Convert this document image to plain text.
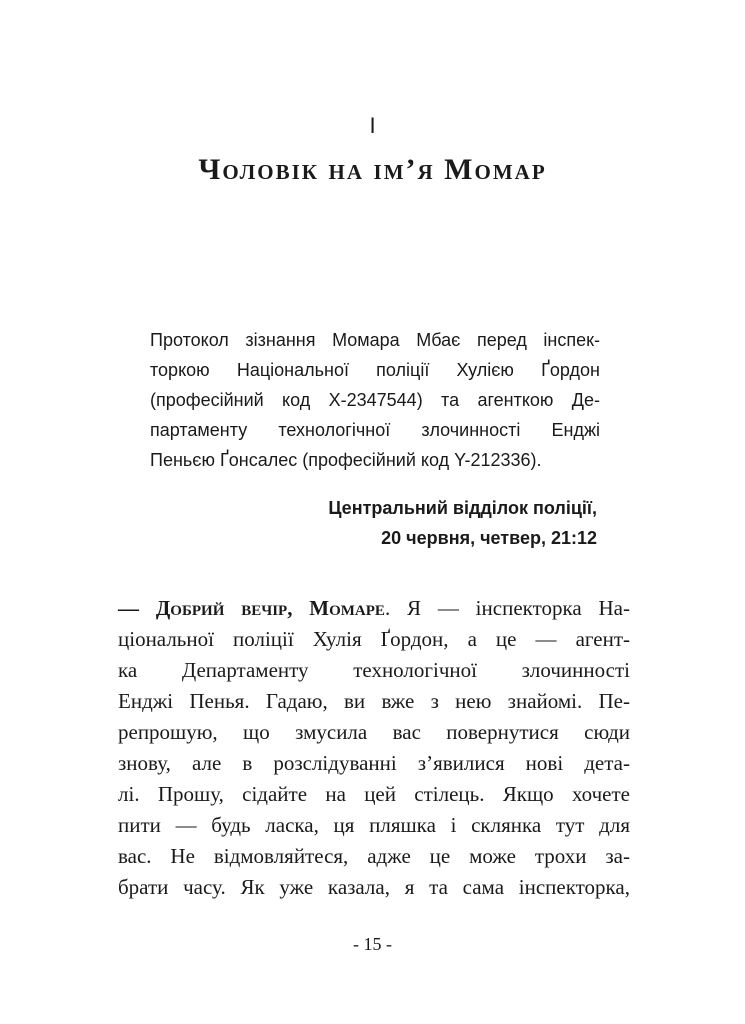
I
Чоловік на ім’я Момар
Протокол зізнання Момара Мбає перед інспек-
торкою Національної поліції Хулією Ґордон
(професійний код X-2347544) та агенткою Де-
партаменту технологічної злочинності Енджі
Пеньєю Ґонсалес (професійний код Y-212336).
Центральний відділок поліції,
20 червня, четвер, 21:12
— Добрий вечір, Момаре. Я — інспекторка На-
ціональної поліції Хулія Ґордон, а це — агент-
ка Департаменту технологічної злочинності
Енджі Пенья. Гадаю, ви вже з нею знайомі. Пе-
репрошую, що змусила вас повернутися сюди
знову, але в розслідуванні з’явилися нові дета-
лі. Прошу, сідайте на цей стілець. Якщо хочете
пити — будь ласка, ця пляшка і склянка тут для
вас. Не відмовляйтеся, адже це може трохи за-
брати часу. Як уже казала, я та сама інспекторка,
- 15 -
